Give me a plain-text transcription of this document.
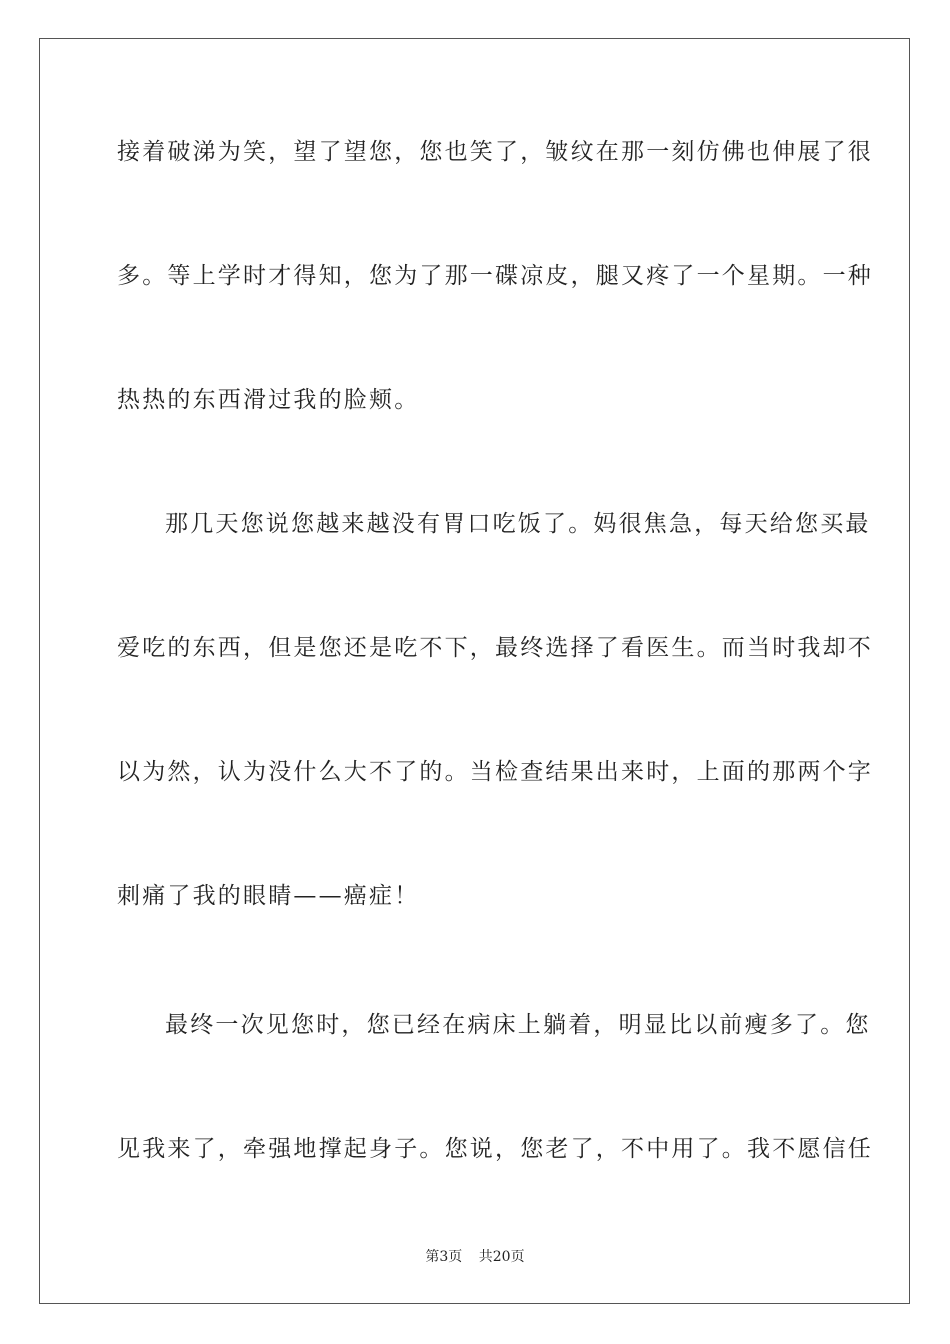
接着破涕为笑，望了望您，您也笑了，皱纹在那一刻仿佛也伸展了很
多。等上学时才得知，您为了那一碟凉皮，腿又疼了一个星期。一种
热热的东西滑过我的脸颊。
那几天您说您越来越没有胃口吃饭了。妈很焦急，每天给您买最
爱吃的东西，但是您还是吃不下，最终选择了看医生。而当时我却不
以为然，认为没什么大不了的。当检查结果出来时，上面的那两个字
刺痛了我的眼睛——癌症！
最终一次见您时，您已经在病床上躺着，明显比以前瘦多了。您
见我来了，牵强地撑起身子。您说，您老了，不中用了。我不愿信任
第3页 共20页
